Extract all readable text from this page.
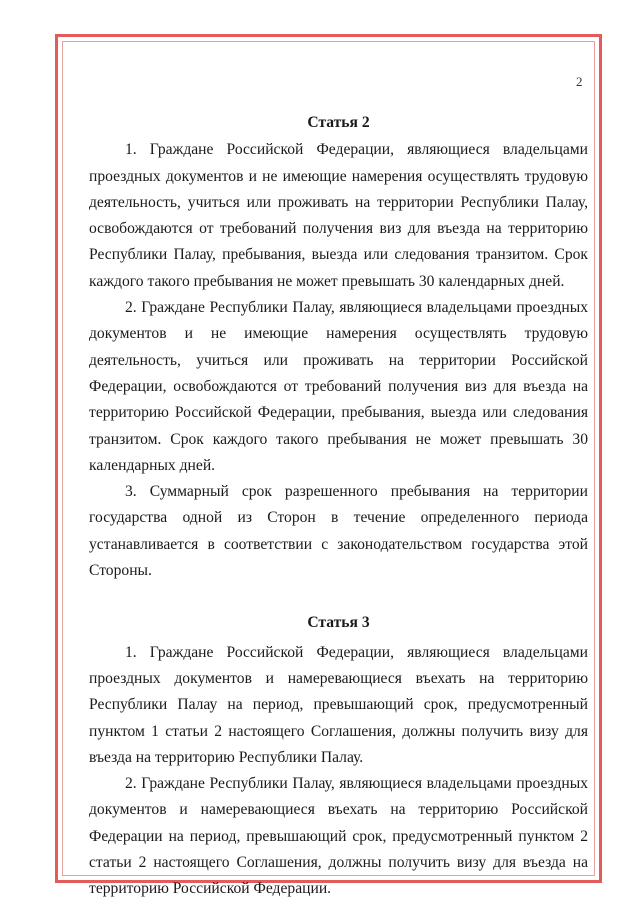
2

Статья 2

1. Граждане Российской Федерации, являющиеся владельцами проездных документов и не имеющие намерения осуществлять трудовую деятельность, учиться или проживать на территории Республики Палау, освобождаются от требований получения виз для въезда на территорию Республики Палау, пребывания, выезда или следования транзитом. Срок каждого такого пребывания не может превышать 30 календарных дней.

2. Граждане Республики Палау, являющиеся владельцами проездных документов и не имеющие намерения осуществлять трудовую деятельность, учиться или проживать на территории Российской Федерации, освобождаются от требований получения виз для въезда на территорию Российской Федерации, пребывания, выезда или следования транзитом. Срок каждого такого пребывания не может превышать 30 календарных дней.

3. Суммарный срок разрешенного пребывания на территории государства одной из Сторон в течение определенного периода устанавливается в соответствии с законодательством государства этой Стороны.

Статья 3

1. Граждане Российской Федерации, являющиеся владельцами проездных документов и намеревающиеся въехать на территорию Республики Палау на период, превышающий срок, предусмотренный пунктом 1 статьи 2 настоящего Соглашения, должны получить визу для въезда на территорию Республики Палау.

2. Граждане Республики Палау, являющиеся владельцами проездных документов и намеревающиеся въехать на территорию Российской Федерации на период, превышающий срок, предусмотренный пунктом 2 статьи 2 настоящего Соглашения, должны получить визу для въезда на территорию Российской Федерации.
